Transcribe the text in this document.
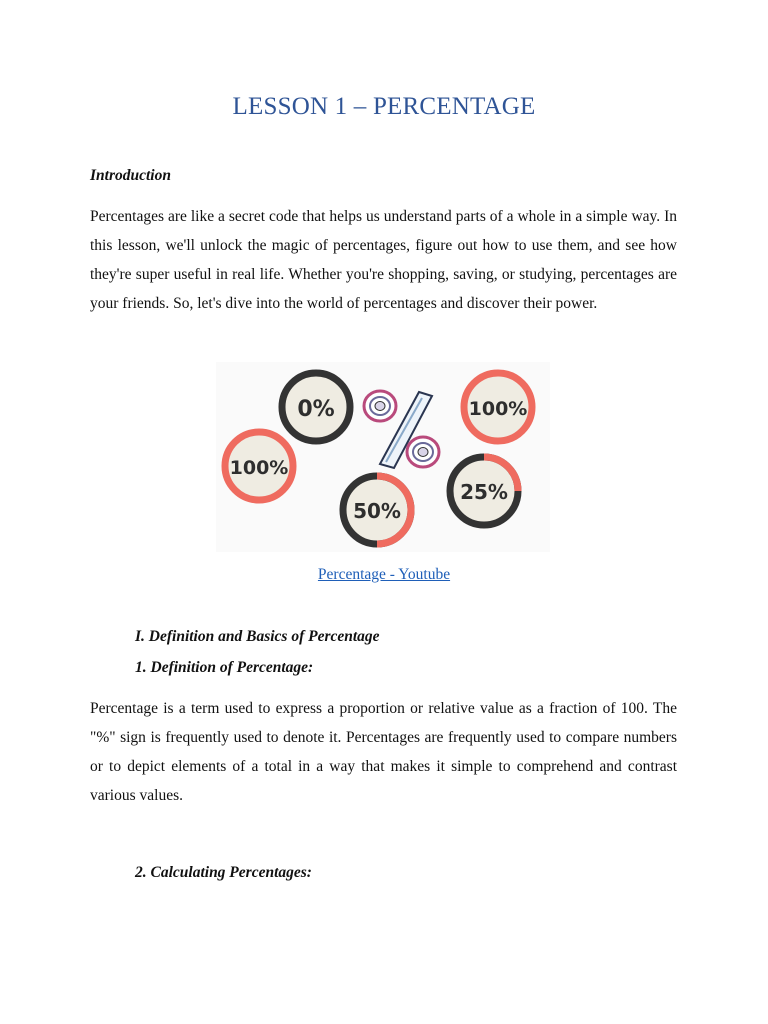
LESSON 1 – PERCENTAGE

Introduction

Percentages are like a secret code that helps us understand parts of a whole in a simple way. In this lesson, we'll unlock the magic of percentages, figure out how to use them, and see how they're super useful in real life. Whether you're shopping, saving, or studying, percentages are your friends. So, let's dive into the world of percentages and discover their power.

0%	100%
100%
25%
50%
Percentage - Youtube

I. Definition and Basics of Percentage

1. Definition of Percentage:

Percentage is a term used to express a proportion or relative value as a fraction of 100. The "%" sign is frequently used to denote it. Percentages are frequently used to compare numbers or to depict elements of a total in a way that makes it simple to comprehend and contrast various values.

2. Calculating Percentages:
